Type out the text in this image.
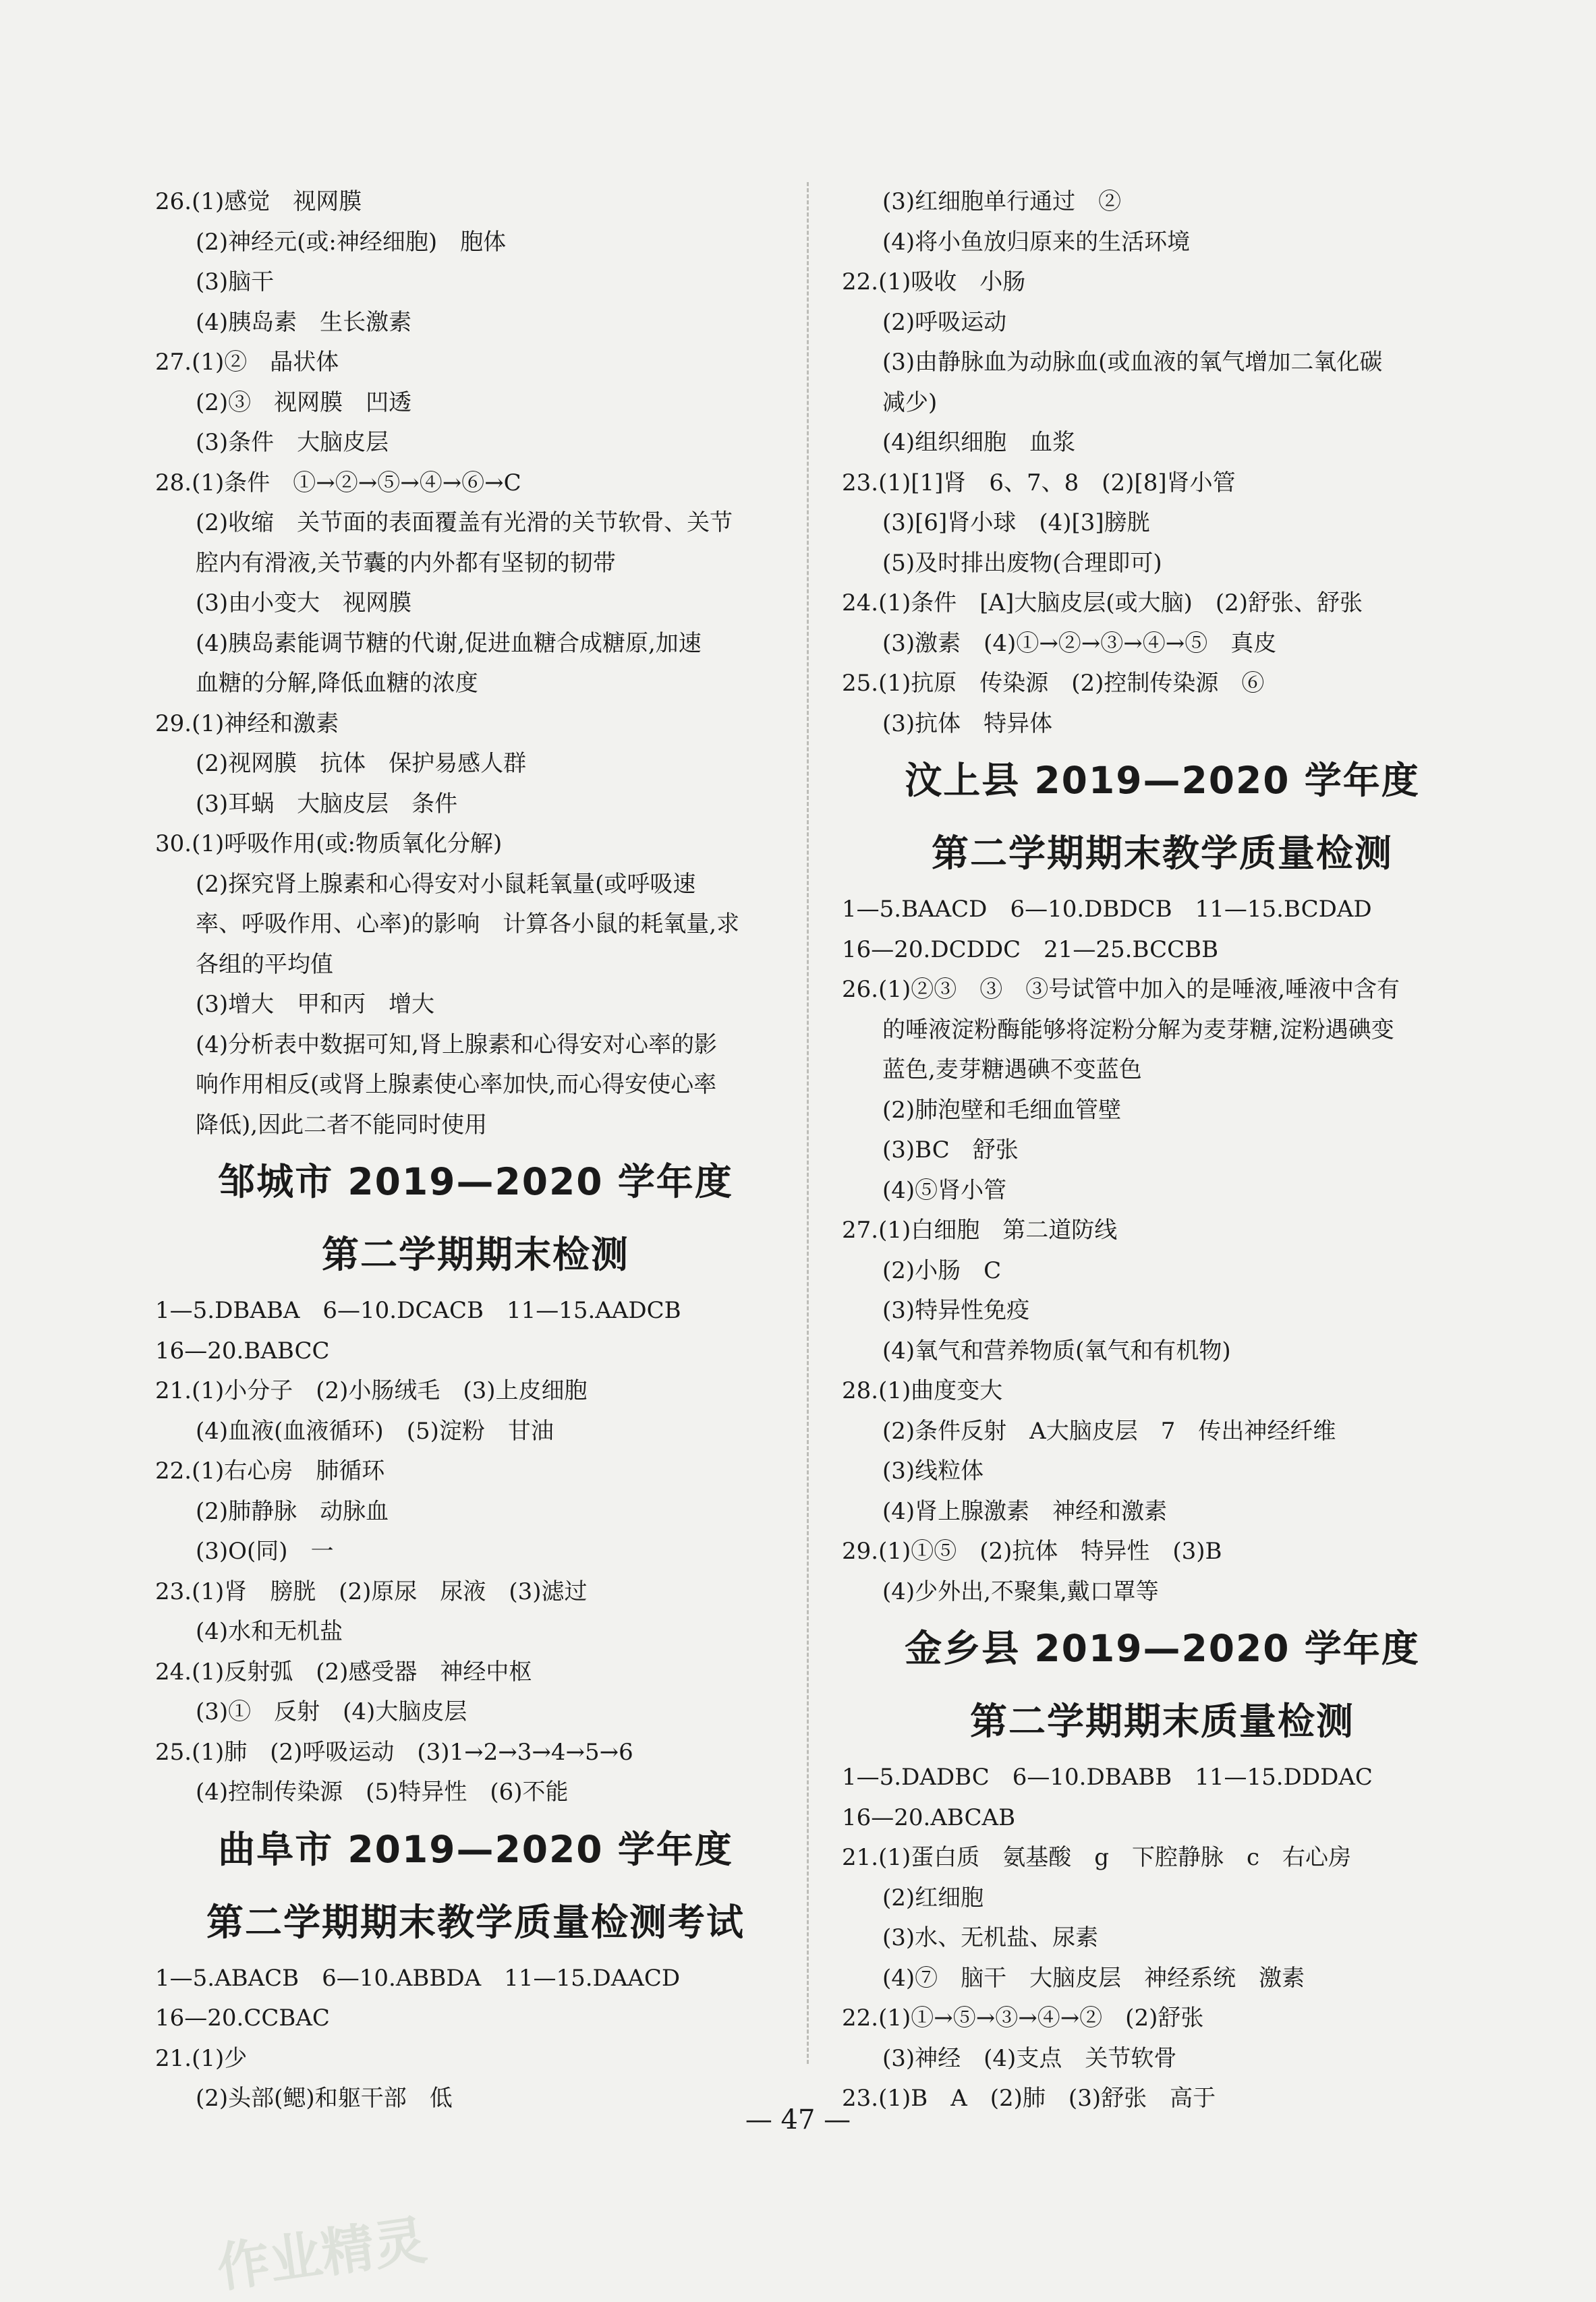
26.(1)感觉　视网膜
(2)神经元(或:神经细胞)　胞体
(3)脑干
(4)胰岛素　生长激素
27.(1)②　晶状体
(2)③　视网膜　凹透
(3)条件　大脑皮层
28.(1)条件　①→②→⑤→④→⑥→C
(2)收缩　关节面的表面覆盖有光滑的关节软骨、关节
腔内有滑液,关节囊的内外都有坚韧的韧带
(3)由小变大　视网膜
(4)胰岛素能调节糖的代谢,促进血糖合成糖原,加速
血糖的分解,降低血糖的浓度
29.(1)神经和激素
(2)视网膜　抗体　保护易感人群
(3)耳蜗　大脑皮层　条件
30.(1)呼吸作用(或:物质氧化分解)
(2)探究肾上腺素和心得安对小鼠耗氧量(或呼吸速
率、呼吸作用、心率)的影响　计算各小鼠的耗氧量,求
各组的平均值
(3)增大　甲和丙　增大
(4)分析表中数据可知,肾上腺素和心得安对心率的影
响作用相反(或肾上腺素使心率加快,而心得安使心率
降低),因此二者不能同时使用
邹城市 2019—2020 学年度
第二学期期末检测
1—5.DBABA　6—10.DCACB　11—15.AADCB
16—20.BABCC
21.(1)小分子　(2)小肠绒毛　(3)上皮细胞
(4)血液(血液循环)　(5)淀粉　甘油
22.(1)右心房　肺循环
(2)肺静脉　动脉血
(3)O(同)　一
23.(1)肾　膀胱　(2)原尿　尿液　(3)滤过
(4)水和无机盐
24.(1)反射弧　(2)感受器　神经中枢
(3)①　反射　(4)大脑皮层
25.(1)肺　(2)呼吸运动　(3)1→2→3→4→5→6
(4)控制传染源　(5)特异性　(6)不能
曲阜市 2019—2020 学年度
第二学期期末教学质量检测考试
1—5.ABACB　6—10.ABBDA　11—15.DAACD
16—20.CCBAC
21.(1)少
(2)头部(鳃)和躯干部　低
(3)红细胞单行通过　②
(4)将小鱼放归原来的生活环境
22.(1)吸收　小肠
(2)呼吸运动
(3)由静脉血为动脉血(或血液的氧气增加二氧化碳
减少)
(4)组织细胞　血浆
23.(1)[1]肾　6、7、8　(2)[8]肾小管
(3)[6]肾小球　(4)[3]膀胱
(5)及时排出废物(合理即可)
24.(1)条件　[A]大脑皮层(或大脑)　(2)舒张、舒张
(3)激素　(4)①→②→③→④→⑤　真皮
25.(1)抗原　传染源　(2)控制传染源　⑥
(3)抗体　特异体
汶上县 2019—2020 学年度
第二学期期末教学质量检测
1—5.BAACD　6—10.DBDCB　11—15.BCDAD
16—20.DCDDC　21—25.BCCBB
26.(1)②③　③　③号试管中加入的是唾液,唾液中含有
的唾液淀粉酶能够将淀粉分解为麦芽糖,淀粉遇碘变
蓝色,麦芽糖遇碘不变蓝色
(2)肺泡壁和毛细血管壁
(3)BC　舒张
(4)⑤肾小管
27.(1)白细胞　第二道防线
(2)小肠　C
(3)特异性免疫
(4)氧气和营养物质(氧气和有机物)
28.(1)曲度变大
(2)条件反射　A大脑皮层　7　传出神经纤维
(3)线粒体
(4)肾上腺激素　神经和激素
29.(1)①⑤　(2)抗体　特异性　(3)B
(4)少外出,不聚集,戴口罩等
金乡县 2019—2020 学年度
第二学期期末质量检测
1—5.DADBC　6—10.DBABB　11—15.DDDAC
16—20.ABCAB
21.(1)蛋白质　氨基酸　g　下腔静脉　c　右心房
(2)红细胞
(3)水、无机盐、尿素
(4)⑦　脑干　大脑皮层　神经系统　激素
22.(1)①→⑤→③→④→②　(2)舒张
(3)神经　(4)支点　关节软骨
23.(1)B　A　(2)肺　(3)舒张　高于
作业精灵
— 47 —
